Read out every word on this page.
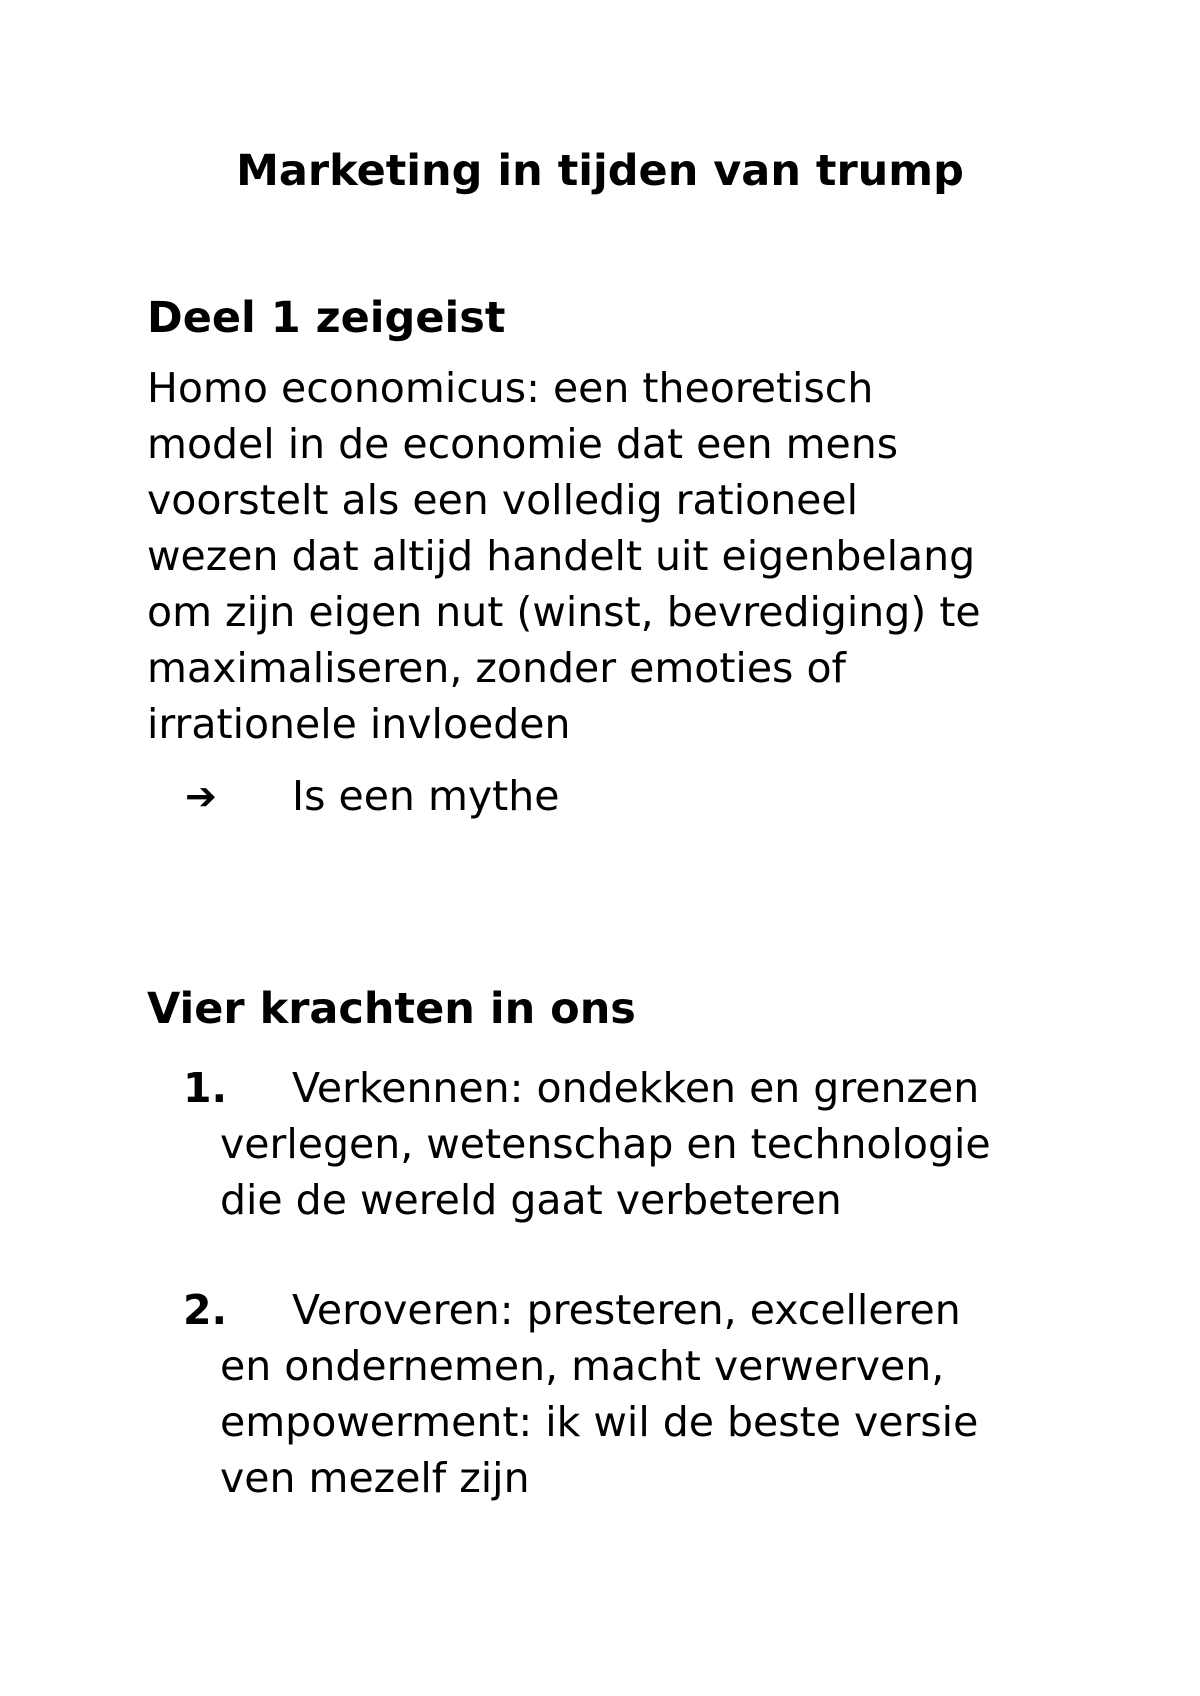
Marketing in tijden van trump
Deel 1 zeigeist
Homo economicus: een theoretisch
model in de economie dat een mens
voorstelt als een volledig rationeel
wezen dat altijd handelt uit eigenbelang
om zijn eigen nut (winst, bevrediging) te
maximaliseren, zonder emoties of
irrationele invloeden
➔ Is een mythe
Vier krachten in ons
1. Verkennen: ondekken en grenzen
verlegen, wetenschap en technologie
die de wereld gaat verbeteren
2. Veroveren: presteren, excelleren
en ondernemen, macht verwerven,
empowerment: ik wil de beste versie
ven mezelf zijn
